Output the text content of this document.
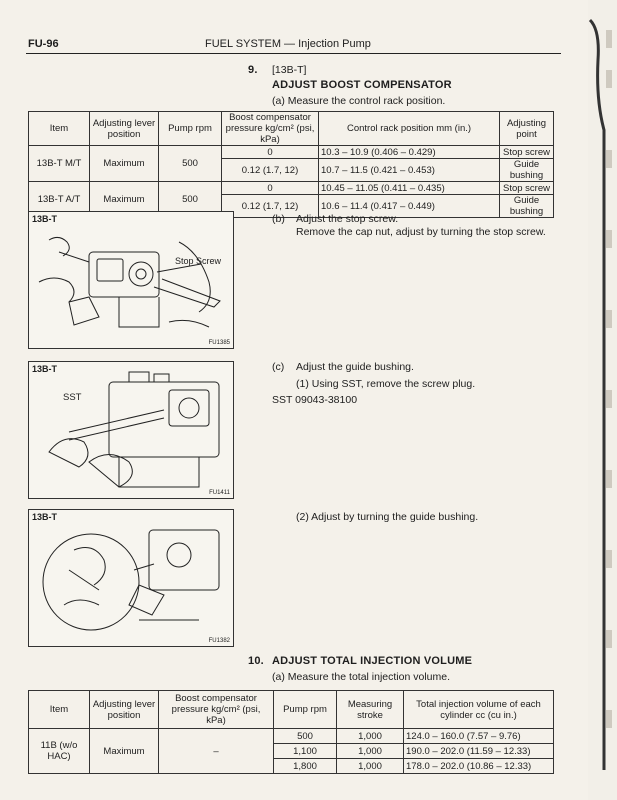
FU-96	FUEL SYSTEM — Injection Pump
9. [13B-T]
ADJUST BOOST COMPENSATOR
(a) Measure the control rack position.
Item	Adjusting lever position	Pump rpm	Boost compensator pressure kg/cm² (psi, kPa)	Control rack position mm (in.)	Adjusting point
13B-T M/T	Maximum	500	0	10.3 – 10.9 (0.406 – 0.429)	Stop screw
			0.12 (1.7, 12)	10.7 – 11.5 (0.421 – 0.453)	Guide bushing
13B-T A/T	Maximum	500	0	10.45 – 11.05 (0.411 – 0.435)	Stop screw
			0.12 (1.7, 12)	10.6 – 11.4 (0.417 – 0.449)	Guide bushing
13B-T
Stop Screw
FU1385
(b) Adjust the stop screw.
Remove the cap nut, adjust by turning the stop screw.
13B-T
SST
FU1411
(c) Adjust the guide bushing.
(1) Using SST, remove the screw plug.
SST 09043-38100
13B-T
FU1382
(2) Adjust by turning the guide bushing.
10. ADJUST TOTAL INJECTION VOLUME
(a) Measure the total injection volume.
Item	Adjusting lever position	Boost compensator pressure kg/cm² (psi, kPa)	Pump rpm	Measuring stroke	Total injection volume of each cylinder cc (cu in.)
11B (w/o HAC)	Maximum	–	500	1,000	124.0 – 160.0 (7.57 – 9.76)
			1,100	1,000	190.0 – 202.0 (11.59 – 12.33)
			1,800	1,000	178.0 – 202.0 (10.86 – 12.33)
